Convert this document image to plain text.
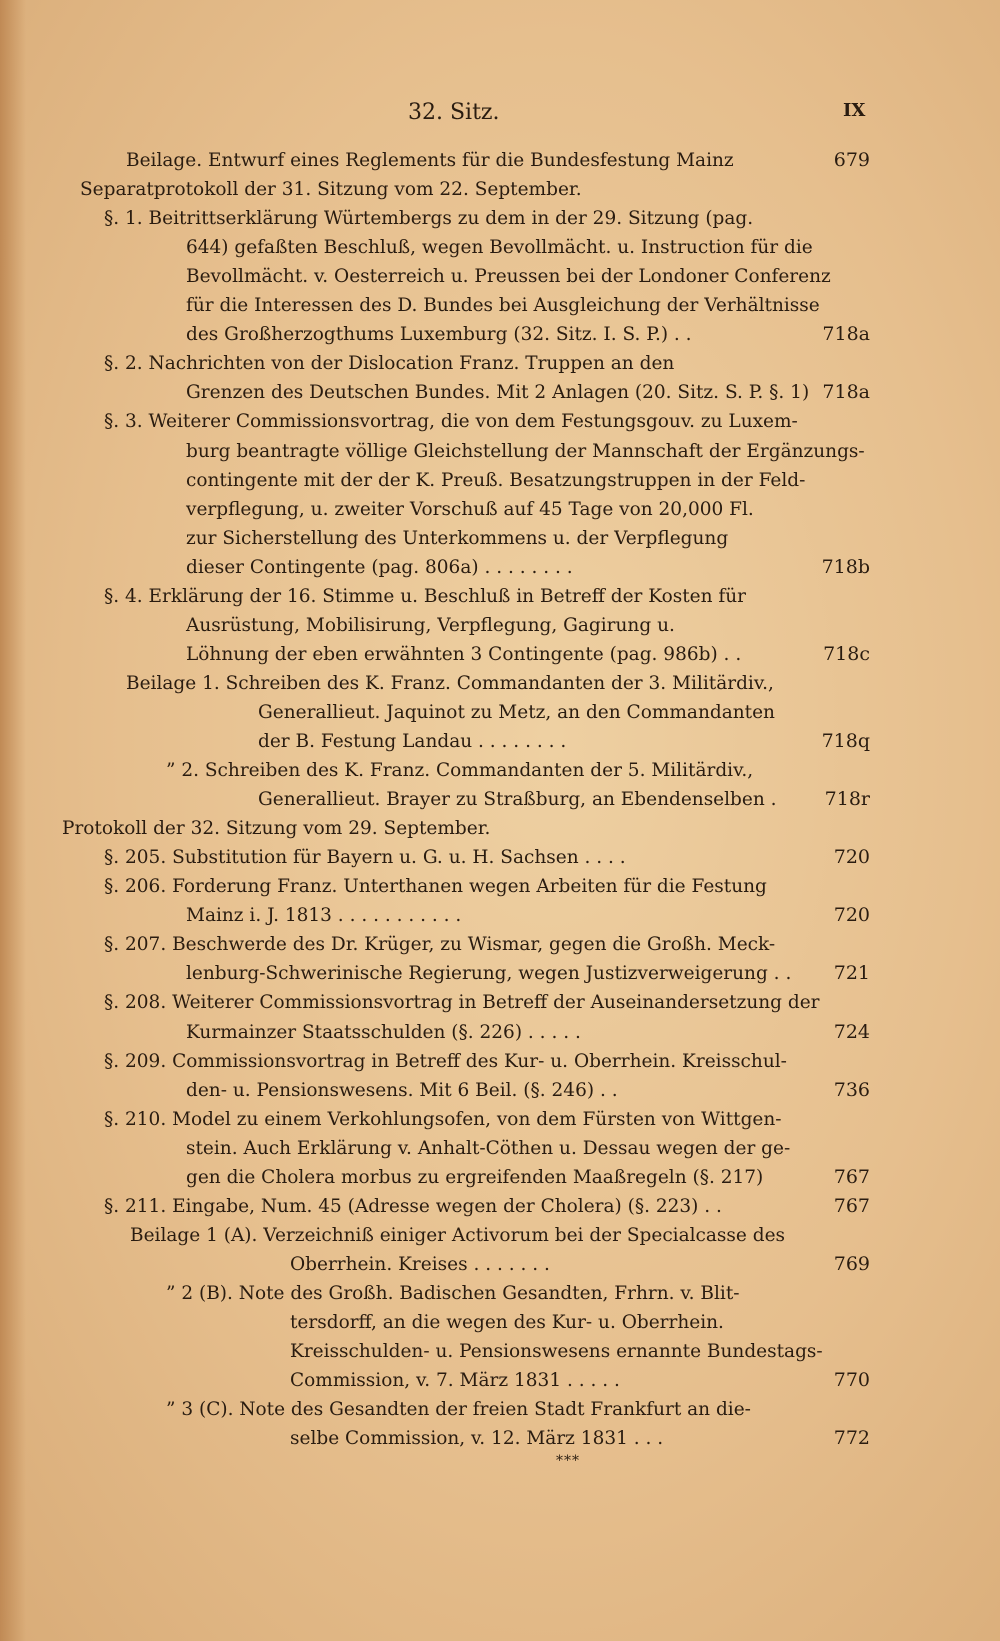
32. Sitz.	IX
Beilage. Entwurf eines Reglements für die Bundesfestung Mainz	679
Separatprotokoll der 31. Sitzung vom 22. September.
§. 1. Beitrittserklärung Würtembergs zu dem in der 29. Sitzung (pag.
644) gefaßten Beschluß, wegen Bevollmächt. u. Instruction für die
Bevollmächt. v. Oesterreich u. Preussen bei der Londoner Conferenz
für die Interessen des D. Bundes bei Ausgleichung der Verhältnisse
des Großherzogthums Luxemburg (32. Sitz. I. S. P.) . .	718a
§. 2. Nachrichten von der Dislocation Franz. Truppen an den
Grenzen des Deutschen Bundes. Mit 2 Anlagen (20. Sitz. S. P. §. 1) 718a
§. 3. Weiterer Commissionsvortrag, die von dem Festungsgouv. zu Luxem-
burg beantragte völlige Gleichstellung der Mannschaft der Ergänzungs-
contingente mit der der K. Preuß. Besatzungstruppen in der Feld-
verpflegung, u. zweiter Vorschuß auf 45 Tage von 20,000 Fl.
zur Sicherstellung des Unterkommens u. der Verpflegung
dieser Contingente (pag. 806a) . . . . . . . .	718b
§. 4. Erklärung der 16. Stimme u. Beschluß in Betreff der Kosten für
Ausrüstung, Mobilisirung, Verpflegung, Gagirung u.
Löhnung der eben erwähnten 3 Contingente (pag. 986b) . .	718c
Beilage 1. Schreiben des K. Franz. Commandanten der 3. Militärdiv.,
Generallieut. Jaquinot zu Metz, an den Commandanten
der B. Festung Landau . . . . . . . .	718q
” 2. Schreiben des K. Franz. Commandanten der 5. Militärdiv.,
Generallieut. Brayer zu Straßburg, an Ebendenselben .	718r
Protokoll der 32. Sitzung vom 29. September.
§. 205. Substitution für Bayern u. G. u. H. Sachsen . . . .	720
§. 206. Forderung Franz. Unterthanen wegen Arbeiten für die Festung
Mainz i. J. 1813 . . . . . . . . . . .	720
§. 207. Beschwerde des Dr. Krüger, zu Wismar, gegen die Großh. Meck-
lenburg-Schwerinische Regierung, wegen Justizverweigerung . .	721
§. 208. Weiterer Commissionsvortrag in Betreff der Auseinandersetzung der
Kurmainzer Staatsschulden (§. 226) . . . . .	724
§. 209. Commissionsvortrag in Betreff des Kur- u. Oberrhein. Kreisschul-
den- u. Pensionswesens. Mit 6 Beil. (§. 246) . .	736
§. 210. Model zu einem Verkohlungsofen, von dem Fürsten von Wittgen-
stein. Auch Erklärung v. Anhalt-Cöthen u. Dessau wegen der ge-
gen die Cholera morbus zu ergreifenden Maaßregeln (§. 217)	767
§. 211. Eingabe, Num. 45 (Adresse wegen der Cholera) (§. 223) . .	767
Beilage 1 (A). Verzeichniß einiger Activorum bei der Specialcasse des
Oberrhein. Kreises . . . . . . .	769
” 2 (B). Note des Großh. Badischen Gesandten, Frhrn. v. Blit-
tersdorff, an die wegen des Kur- u. Oberrhein.
Kreisschulden- u. Pensionswesens ernannte Bundestags-
Commission, v. 7. März 1831 . . . . .	770
” 3 (C). Note des Gesandten der freien Stadt Frankfurt an die-
selbe Commission, v. 12. März 1831 . . .	772
***
